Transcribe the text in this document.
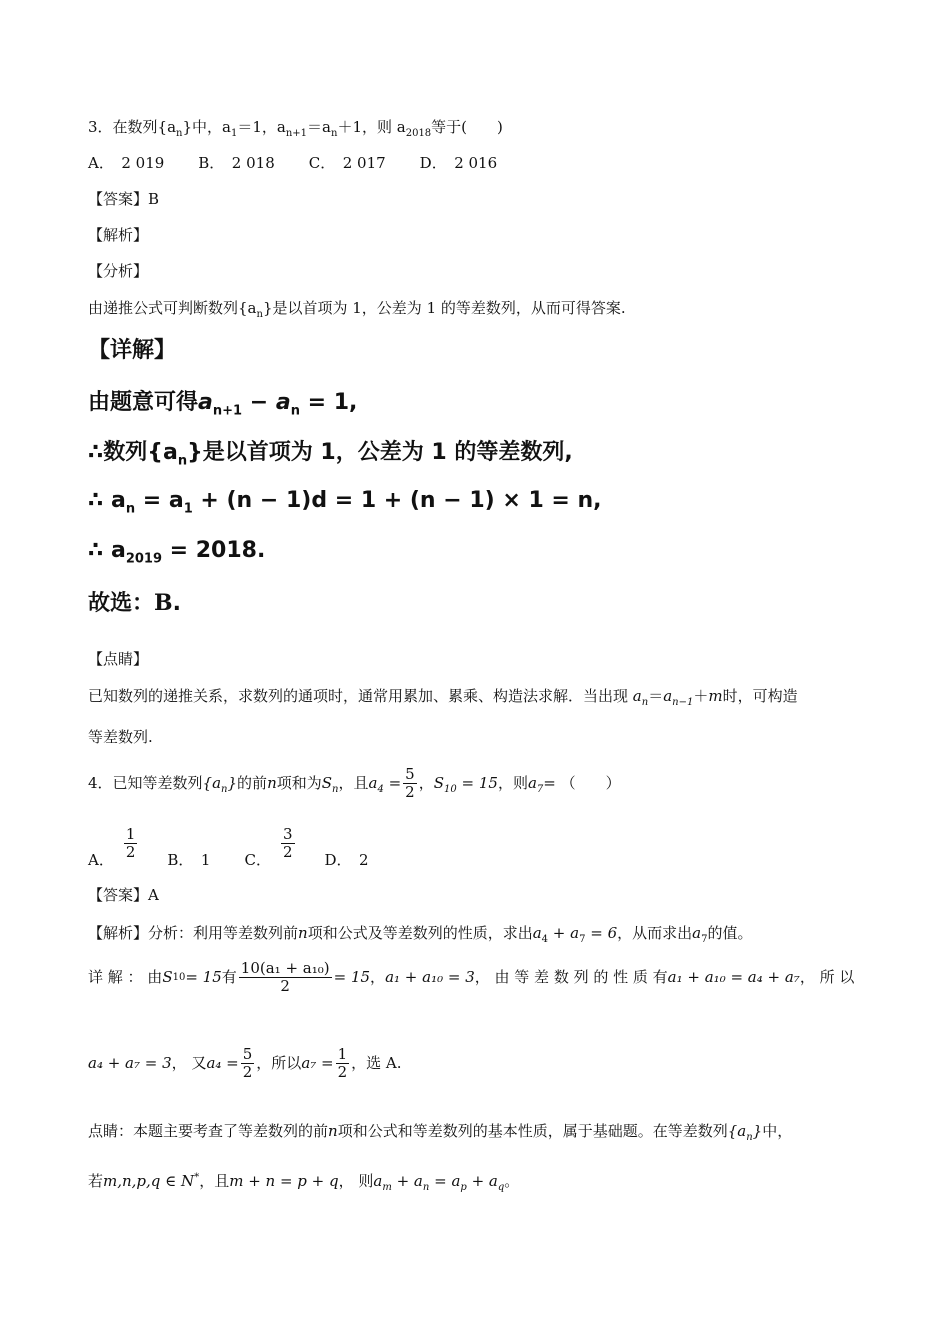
3．在数列$\{a_n\}$中，$a_1=1$，$a_{n+1}=a_n+1$，则 $a_{2018}$等于(　　)
A．　2 019 B．　2 018 C．　2 017 D．　2 016
【答案】B
【解析】
【分析】
由递推公式可判断数列$\{a_n\}$是以首项为 1，公差为 1 的等差数列，从而可得答案.
【详解】
由题意可得$a_{n+1} - a_n = 1$,
∴数列$\{a_n\}$是以首项为 1，公差为 1 的等差数列,
∴ $a_n = a_1 + (n - 1)d = 1 + (n - 1) \times 1 = n$,
∴ $a_{2019} = 2018$.
故选：B.
【点睛】
已知数列的递推关系，求数列的通项时，通常用累加、累乘、构造法求解．当出现 $a_n=a_{n-1}+m$时，可构造
等差数列.
4．已知等差数列 $\{a_n\}$ 的前 n 项和为 $S_n$ ，且 $a_4 = \frac{5}{2}$ ， $S_{10} = 15$ ，则 $a_7$ = （　　）
A． $\frac{1}{2}$ B．　1 C． $\frac{3}{2}$ D．　2
【答案】A
【解析】分析：利用等差数列前n项和公式及等差数列的性质，求出$a_4 + a_7 = 6$，从而求出$a_7$的值。
详 解 ： 由 S 10 = 15 有 $\frac{\text{10(a₁ + a₁₀)}}{2} = 15$ ， a₁ + a₁₀ = 3 ， 由 等 差 数 列 的 性 质 有 a₁ + a₁₀ = a₄ + a₇ ， 所 以
a₄ + a₇ = 3 ， 又 $a_4 = \frac{5}{2}$ ，所以 $a_7 = \frac{1}{2}$ ，选 A.
点睛：本题主要考查了等差数列的前n项和公式和等差数列的基本性质，属于基础题。在等差数列$\{a_n\}$中，
若m,n,p,q ∈ N*，且m + n = p + q， 则$a_m + a_n = a_p + a_q$。
